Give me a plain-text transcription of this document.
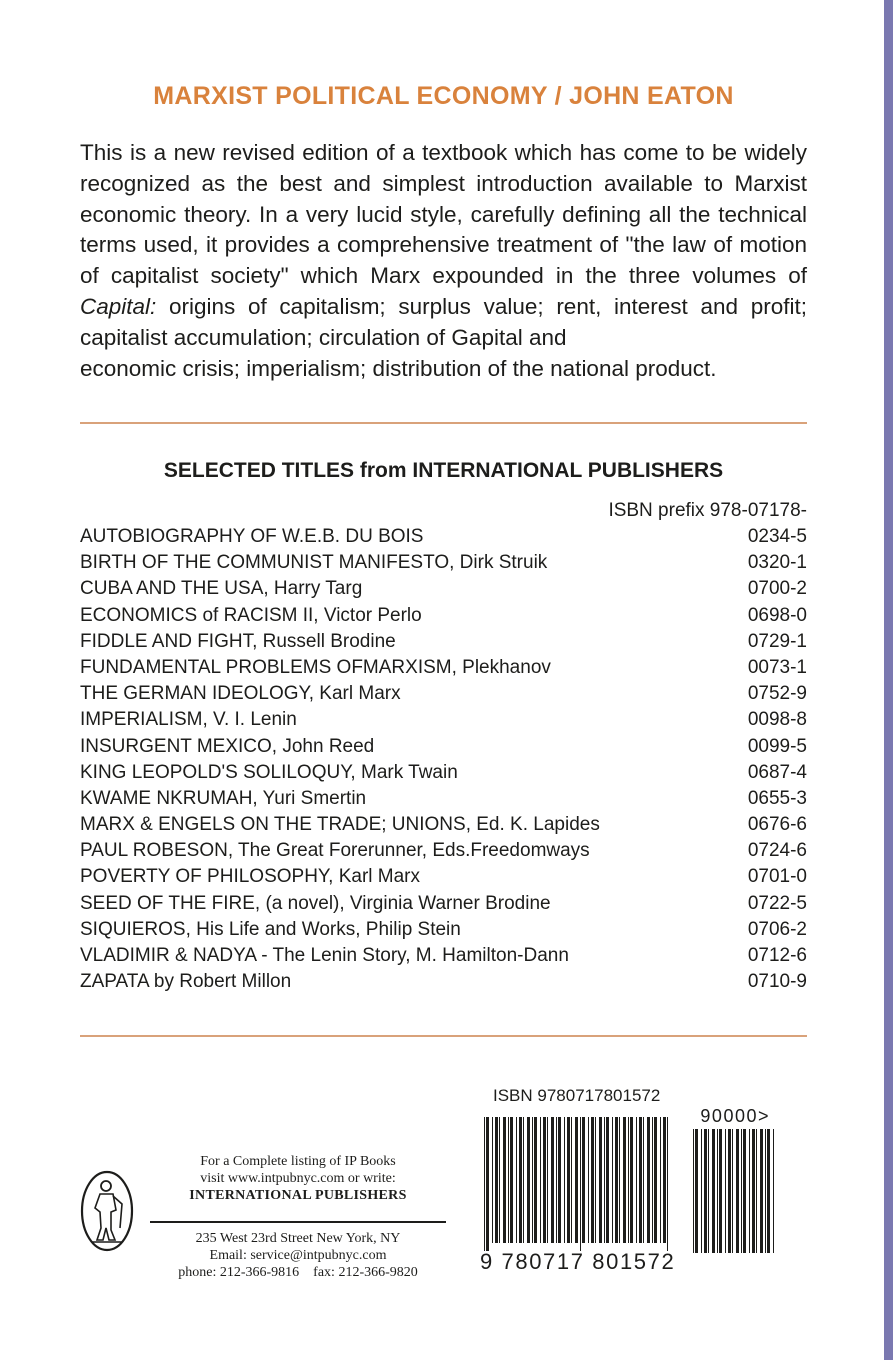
MARXIST POLITICAL ECONOMY / JOHN EATON

This is a new revised edition of a textbook which has come to be widely recognized as the best and simplest introduction available to Marxist economic theory. In a very lucid style, carefully defining all the technical terms used, it provides a comprehensive treatment of "the law of motion of capitalist society" which Marx expounded in the three volumes of Capital: origins of capitalism; surplus value; rent, interest and profit; capitalist accumulation; circulation of Gapital and
economic crisis; imperialism; distribution of the national product.

SELECTED TITLES from INTERNATIONAL PUBLISHERS
ISBN prefix 978-07178-
AUTOBIOGRAPHY OF W.E.B. DU BOIS	0234-5
BIRTH OF THE COMMUNIST MANIFESTO, Dirk Struik	0320-1
CUBA AND THE USA, Harry Targ	0700-2
ECONOMICS of RACISM II, Victor Perlo	0698-0
FIDDLE AND FIGHT, Russell Brodine	0729-1
FUNDAMENTAL PROBLEMS OFMARXISM, Plekhanov	0073-1
THE GERMAN IDEOLOGY, Karl Marx	0752-9
IMPERIALISM, V. I. Lenin	0098-8
INSURGENT MEXICO, John Reed	0099-5
KING LEOPOLD'S SOLILOQUY, Mark Twain	0687-4
KWAME NKRUMAH, Yuri Smertin	0655-3
MARX & ENGELS ON THE TRADE; UNIONS, Ed. K. Lapides	0676-6
PAUL ROBESON, The Great Forerunner, Eds.Freedomways	0724-6
POVERTY OF PHILOSOPHY, Karl Marx	0701-0
SEED OF THE FIRE, (a novel), Virginia Warner Brodine	0722-5
SIQUIEROS, His Life and Works, Philip Stein	0706-2
VLADIMIR & NADYA - The Lenin Story, M. Hamilton-Dann	0712-6
ZAPATA by Robert Millon	0710-9
For a Complete listing of IP Books
visit www.intpubnyc.com or write:
INTERNATIONAL PUBLISHERS
235 West 23rd Street New York, NY
Email: service@intpubnyc.com
phone: 212-366-9816 fax: 212-366-9820
ISBN 9780717801572
90000>
9 780717 801572
